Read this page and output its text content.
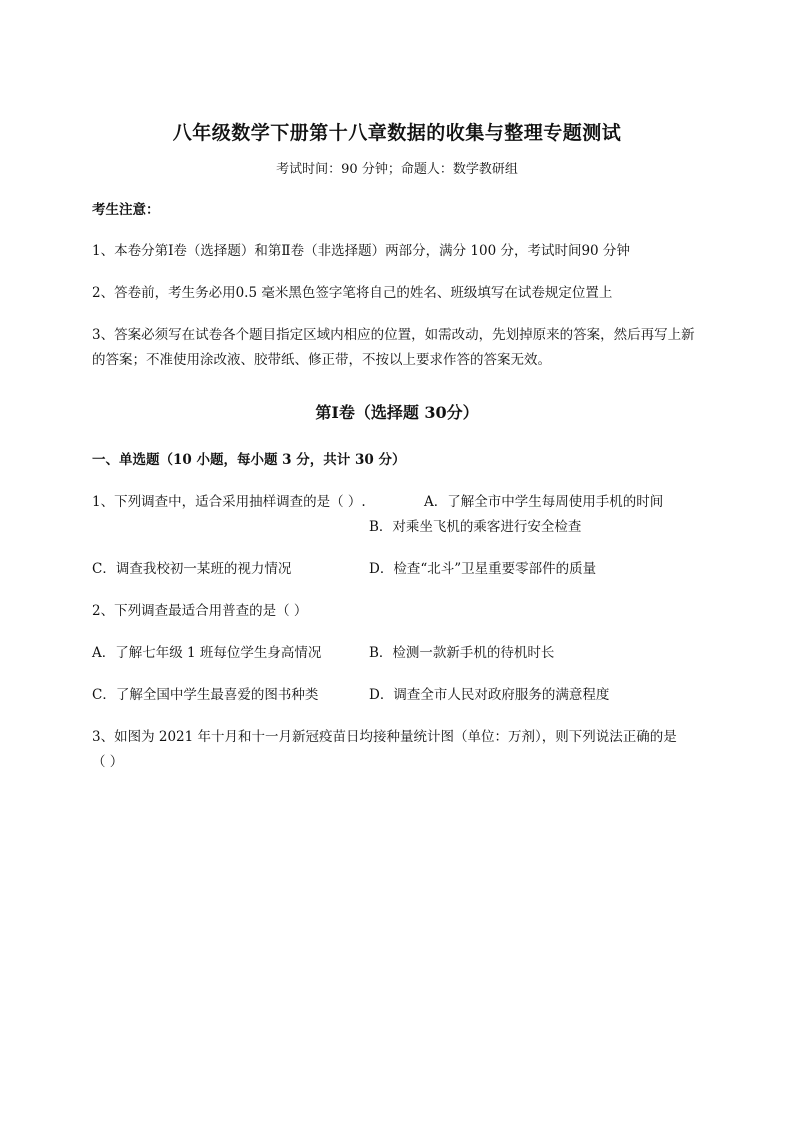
八年级数学下册第十八章数据的收集与整理专题测试
考试时间：90 分钟；命题人：数学教研组
考生注意：
1、本卷分第Ⅰ卷（选择题）和第Ⅱ卷（非选择题）两部分，满分 100 分，考试时间90 分钟
2、答卷前，考生务必用0.5 毫米黑色签字笔将自己的姓名、班级填写在试卷规定位置上
3、答案必须写在试卷各个题目指定区域内相应的位置，如需改动，先划掉原来的答案，然后再写上新
的答案；不准使用涂改液、胶带纸、修正带，不按以上要求作答的答案无效。
第Ⅰ卷（选择题 30分）
一、单选题（10 小题，每小题 3 分，共计 30 分）
1、下列调查中，适合采用抽样调查的是（ ）.	A．了解全市中学生每周使用手机的时间
B．对乘坐飞机的乘客进行安全检查
C．调查我校初一某班的视力情况	D．检查“北斗”卫星重要零部件的质量
2、下列调查最适合用普查的是（ ）
A．了解七年级 1 班每位学生身高情况	B．检测一款新手机的待机时长
C．了解全国中学生最喜爱的图书种类	D．调查全市人民对政府服务的满意程度
3、如图为 2021 年十月和十一月新冠疫苗日均接种量统计图（单位：万剂），则下列说法正确的是
（ ）
